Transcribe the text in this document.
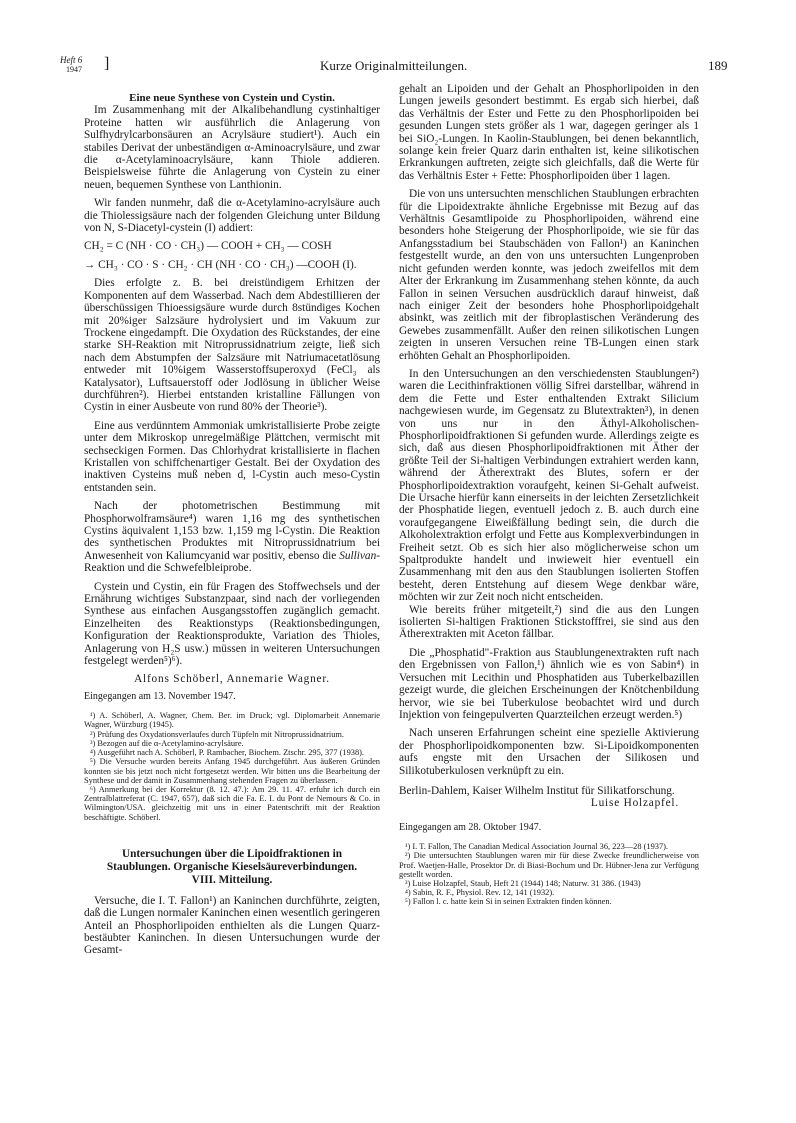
Heft 6
1947 ]	Kurze Originalmitteilungen.	189

Eine neue Synthese von Cystein und Cystin.

Im Zusammenhang mit der Alkalibehandlung cystinhaltiger Proteine hatten wir ausführlich die Anlagerung von Sulfhydrylcarbonsäuren an Acrylsäure studiert¹). Auch ein stabiles Derivat der unbeständigen α-Aminoacrylsäure, und zwar die α-Acetylaminoacrylsäure, kann Thiole addieren. Beispielsweise führte die Anlagerung von Cystein zu einer neuen, bequemen Synthese von Lanthionin.

Wir fanden nunmehr, daß die α-Acetylamino-acrylsäure auch die Thiolessigsäure nach der folgenden Gleichung unter Bildung von N, S-Diacetyl-cystein (I) addiert:

CH₂ = C (NH · CO · CH₃) — COOH + CH₃ — COSH

→ CH₃ · CO · S · CH₂ · CH (NH · CO · CH₃) —COOH (I).

Dies erfolgte z. B. bei dreistündigem Erhitzen der Komponenten auf dem Wasserbad. Nach dem Abdestillieren der überschüssigen Thioessigsäure wurde durch 8stündiges Kochen mit 20%iger Salzsäure hydrolysiert und im Vakuum zur Trockene eingedampft. Die Oxydation des Rückstandes, der eine starke SH-Reaktion mit Nitroprussidnatrium zeigte, ließ sich nach dem Abstumpfen der Salzsäure mit Natriumacetatlösung entweder mit 10%igem Wasserstoffsuperoxyd (FeCl₃ als Katalysator), Luftsauerstoff oder Jodlösung in üblicher Weise durchführen²). Hierbei entstanden kristalline Fällungen von Cystin in einer Ausbeute von rund 80% der Theorie³).

Eine aus verdünntem Ammoniak umkristallisierte Probe zeigte unter dem Mikroskop unregelmäßige Plättchen, vermischt mit sechseckigen Formen. Das Chlorhydrat kristallisierte in flachen Kristallen von schiffchenartiger Gestalt. Bei der Oxydation des inaktiven Cysteins muß neben d, l-Cystin auch meso-Cystin entstanden sein.

Nach der photometrischen Bestimmung mit Phosphorwolframsäure⁴) waren 1,16 mg des synthetischen Cystins äquivalent 1,153 bzw. 1,159 mg l-Cystin. Die Reaktion des synthetischen Produktes mit Nitroprussidnatrium bei Anwesenheit von Kaliumcyanid war positiv, ebenso die Sullivan-Reaktion und die Schwefelbleiprobe.

Cystein und Cystin, ein für Fragen des Stoffwechsels und der Ernährung wichtiges Substanzpaar, sind nach der vorliegenden Synthese aus einfachen Ausgangsstoffen zugänglich gemacht. Einzelheiten des Reaktionstyps (Reaktionsbedingungen, Konfiguration der Reaktionsprodukte, Variation des Thioles, Anlagerung von H₂S usw.) müssen in weiteren Untersuchungen festgelegt werden⁵)⁶).

Alfons Schöberl, Annemarie Wagner.

Eingegangen am 13. November 1947.

¹) A. Schöberl, A. Wagner, Chem. Ber. im Druck; vgl. Diplomarbeit Annemarie Wagner, Würzburg (1945).

²) Prüfung des Oxydationsverlaufes durch Tüpfeln mit Nitroprussidnatrium.

³) Bezogen auf die α-Acetylamino-acrylsäure.

⁴) Ausgeführt nach A. Schöberl, P. Rambacher, Biochem. Ztschr. 295, 377 (1938).

⁵) Die Versuche wurden bereits Anfang 1945 durchgeführt. Aus äußeren Gründen konnten sie bis jetzt noch nicht fortgesetzt werden. Wir bitten uns die Bearbeitung der Synthese und der damit in Zusammenhang stehenden Fragen zu überlassen.

⁶) Anmerkung bei der Korrektur (8. 12. 47.): Am 29. 11. 47. erfuhr ich durch ein Zentralblattreferat (C. 1947, 657), daß sich die Fa. E. I. du Pont de Nemours & Co. in Wilmington/USA. gleichzeitig mit uns in einer Patentschrift mit der Reaktion beschäftigte. Schöberl.

Untersuchungen über die Lipoidfraktionen in
Staublungen. Organische Kieselsäureverbindungen.
VIII. Mitteilung.

Versuche, die I. T. Fallon¹) an Kaninchen durchführte, zeigten, daß die Lungen normaler Kaninchen einen wesentlich geringeren Anteil an Phosphorlipoiden enthielten als die Lungen Quarz-bestäubter Kaninchen. In diesen Untersuchungen wurde der Gesamt-

gehalt an Lipoiden und der Gehalt an Phosphorlipoiden in den Lungen jeweils gesondert bestimmt. Es ergab sich hierbei, daß das Verhältnis der Ester und Fette zu den Phosphorlipoiden bei gesunden Lungen stets größer als 1 war, dagegen geringer als 1 bei SiO₂-Lungen. In Kaolin-Staublungen, bei denen bekanntlich, solange kein freier Quarz darin enthalten ist, keine silikotischen Erkrankungen auftreten, zeigte sich gleichfalls, daß die Werte für das Verhältnis Ester + Fette: Phosphorlipoiden über 1 lagen.

Die von uns untersuchten menschlichen Staublungen erbrachten für die Lipoidextrakte ähnliche Ergebnisse mit Bezug auf das Verhältnis Gesamtlipoide zu Phosphorlipoiden, während eine besonders hohe Steigerung der Phosphorlipoide, wie sie für das Anfangsstadium bei Staubschäden von Fallon¹) an Kaninchen festgestellt wurde, an den von uns untersuchten Lungenproben nicht gefunden werden konnte, was jedoch zweifellos mit dem Alter der Erkrankung im Zusammenhang stehen könnte, da auch Fallon in seinen Versuchen ausdrücklich darauf hinweist, daß nach einiger Zeit der besonders hohe Phosphorlipoidgehalt absinkt, was zeitlich mit der fibroplastischen Veränderung des Gewebes zusammenfällt. Außer den reinen silikotischen Lungen zeigten in unseren Versuchen reine TB-Lungen einen stark erhöhten Gehalt an Phosphorlipoiden.

In den Untersuchungen an den verschiedensten Staublungen²) waren die Lecithinfraktionen völlig Sifrei darstellbar, während in dem die Fette und Ester enthaltenden Extrakt Silicium nachgewiesen wurde, im Gegensatz zu Blutextrakten³), in denen von uns nur in den Äthyl-Alkoholischen-Phosphorlipoidfraktionen Si gefunden wurde. Allerdings zeigte es sich, daß aus diesen Phosphorlipoidfraktionen mit Äther der größte Teil der Si-haltigen Verbindungen extrahiert werden kann, während der Ätherextrakt des Blutes, sofern er der Phosphorlipoidextraktion voraufgeht, keinen Si-Gehalt aufweist. Die Ursache hierfür kann einerseits in der leichten Zersetzlichkeit der Phosphatide liegen, eventuell jedoch z. B. auch durch eine voraufgegangene Eiweißfällung bedingt sein, die durch die Alkoholextraktion erfolgt und Fette aus Komplexverbindungen in Freiheit setzt. Ob es sich hier also möglicherweise schon um Spaltprodukte handelt und inwieweit hier eventuell ein Zusammenhang mit den aus den Staublungen isolierten Stoffen besteht, deren Entstehung auf diesem Wege denkbar wäre, möchten wir zur Zeit noch nicht entscheiden.

Wie bereits früher mitgeteilt,²) sind die aus den Lungen isolierten Si-haltigen Fraktionen Stickstofffrei, sie sind aus den Ätherextrakten mit Aceton fällbar.

Die „Phosphatid"-Fraktion aus Staublungenextrakten ruft nach den Ergebnissen von Fallon,¹) ähnlich wie es von Sabin⁴) in Versuchen mit Lecithin und Phosphatiden aus Tuberkelbazillen gezeigt wurde, die gleichen Erscheinungen der Knötchenbildung hervor, wie sie bei Tuberkulose beobachtet wird und durch Injektion von feingepulverten Quarzteilchen erzeugt werden.⁵)

Nach unseren Erfahrungen scheint eine spezielle Aktivierung der Phosphorlipoidkomponenten bzw. Si-Lipoidkomponenten aufs engste mit den Ursachen der Silikosen und Silikotuberkulosen verknüpft zu ein.

Berlin-Dahlem, Kaiser Wilhelm Institut für Silikatforschung.

Luise Holzapfel.

Eingegangen am 28. Oktober 1947.

¹) I. T. Fallon, The Canadian Medical Association Journal 36, 223—28 (1937).

²) Die untersuchten Staublungen waren mir für diese Zwecke freundlicherweise von Prof. Waetjen-Halle, Prosektor Dr. di Biasi-Bochum und Dr. Hübner-Jena zur Verfügung gestellt worden.

³) Luise Holzapfel, Staub, Heft 21 (1944) 148; Naturw. 31 386. (1943)

⁴) Sabin, R. F., Physiol. Rev. 12, 141 (1932).

⁵) Fallon l. c. hatte kein Si in seinen Extrakten finden können.
